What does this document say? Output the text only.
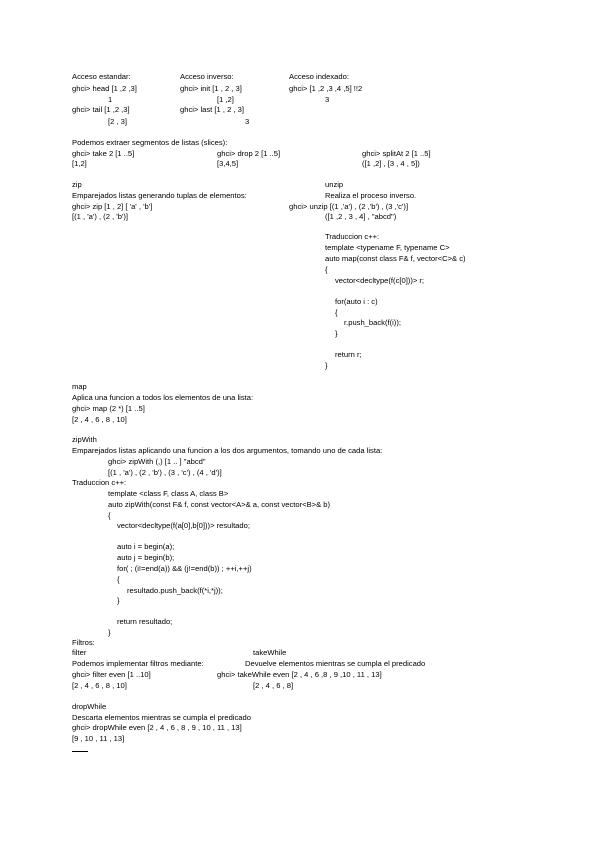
Acceso estandar:	Acceso inverso:	Acceso indexado:
ghci> head [1 ,2 ,3]	ghci> init [1 , 2 , 3]	ghci> [1 ,2 ,3 ,4 ,5] !!2
1	[1 ,2]	3
ghci> tail [1 ,2 ,3]	ghci> last [1 , 2 , 3]
[2 , 3]	3
Podemos extraer segmentos de listas (slices):
ghci> take 2 [1 ..5]	ghci> drop 2 [1 ..5]	ghci> splitAt 2 [1 ..5]
[1,2]	[3,4,5]	([1 ,2] , [3 , 4 , 5])
zip	unzip
Emparejados listas generando tuplas de elementos:	Realiza el proceso inverso.
ghci> zip [1 , 2] [ 'a' , 'b']	ghci> unzip [(1 ,'a') , (2 ,'b') , (3 ,'c')]
[(1 , 'a') , (2 , 'b')]	([1 ,2 , 3 , 4] , "abcd")
Traduccion c++:
template <typename F, typename C>
auto map(const class F& f, vector<C>& c)
{
vector<decltype(f(c[0]))> r;
for(auto i : c)
{
r.push_back(f(i));
}
return r;
}
map
Aplica una funcion a todos los elementos de una lista:
ghci> map (2 *) [1 ..5]
[2 , 4 , 6 , 8 , 10]
zipWith
Emparejados listas aplicando una funcion a los dos argumentos, tomando uno de cada lista:
ghci> zipWith (,) [1 .. ] "abcd"
[(1 , 'a') , (2 , 'b') , (3 , 'c') , (4 , 'd')]
Traduccion c++:
template <class F, class A, class B>
auto zipWith(const F& f, const vector<A>& a, const vector<B>& b)
{
vector<decltype(f(a[0],b[0]))> resultado;
auto i = begin(a);
auto j = begin(b);
for( ; (i!=end(a)) && (j!=end(b)) ; ++i,++j)
{
resultado.push_back(f(*i,*j));
}
return resultado;
}
Filtros:
filter	takeWhile
Podemos implementar filtros mediante:	Devuelve elementos mientras se cumpla el predicado
ghci> filter even [1 ..10]	ghci> takeWhile even [2 , 4 , 6 ,8 , 9 ,10 , 11 , 13]
[2 , 4 , 6 , 8 , 10]	[2 , 4 , 6 , 8]
dropWhile
Descarta elementos mientras se cumpla el predicado
ghci> dropWhile even [2 , 4 , 6 , 8 , 9 , 10 , 11 , 13]
[9 , 10 , 11 , 13]
